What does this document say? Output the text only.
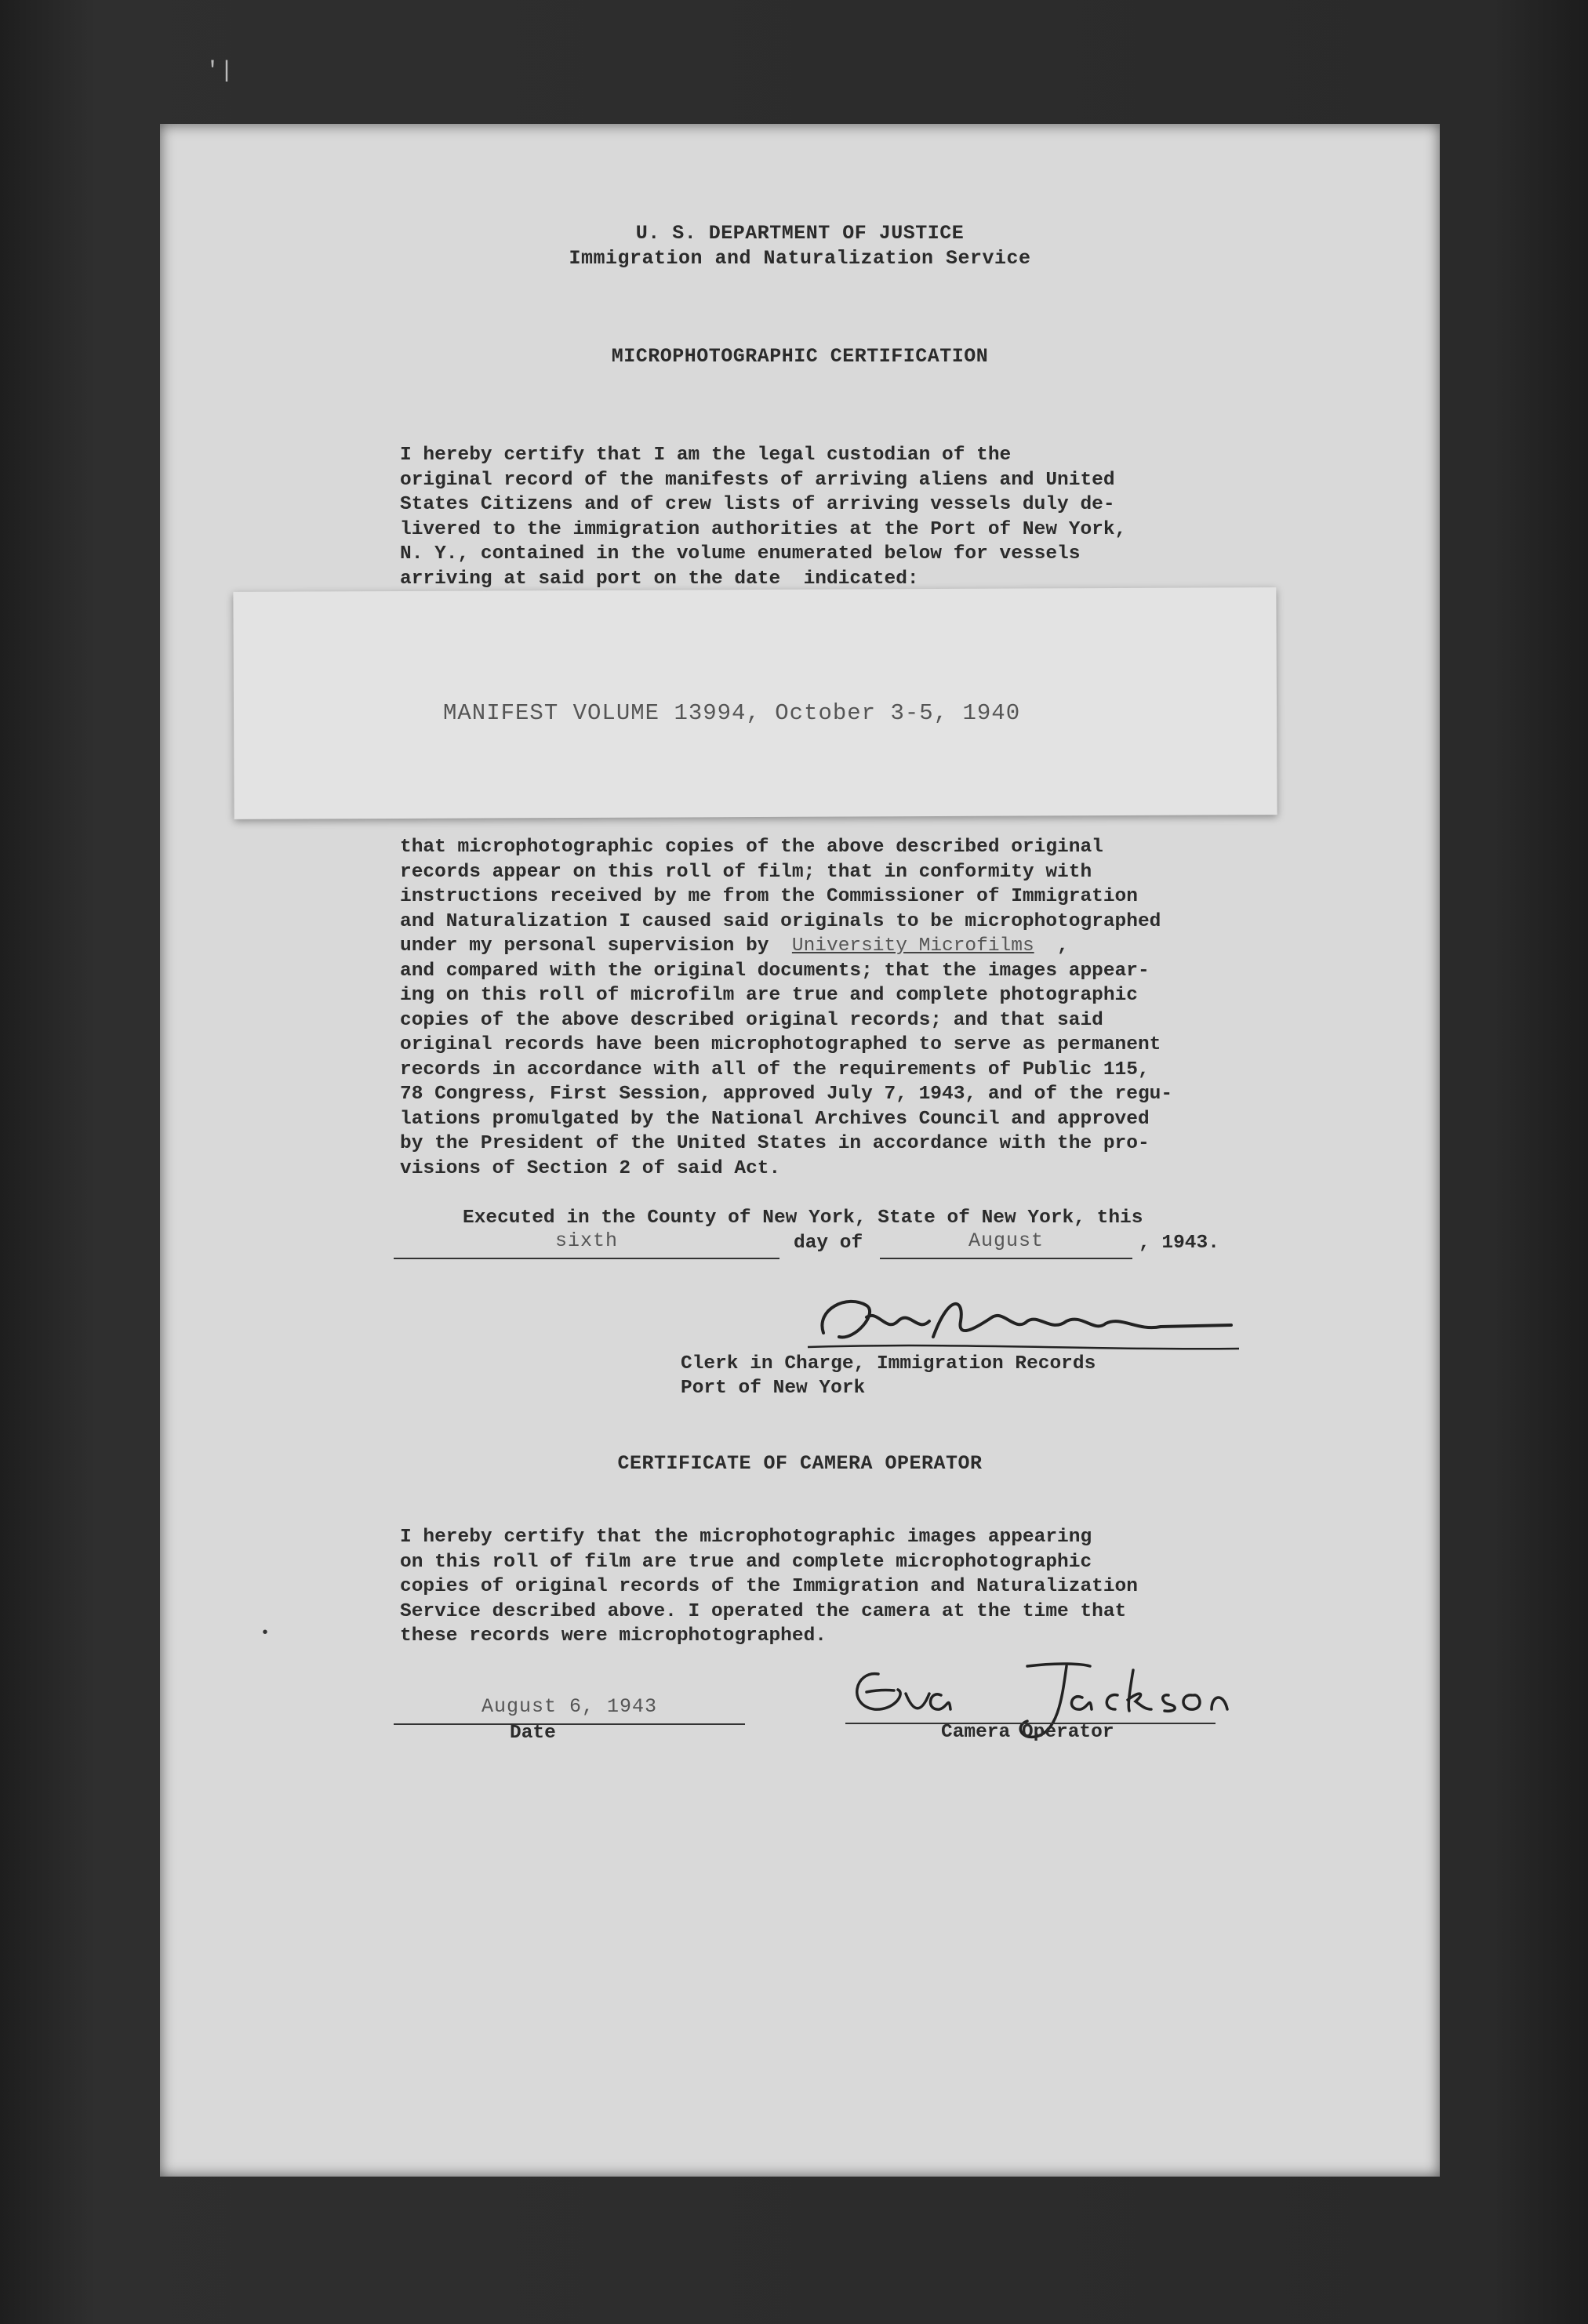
'|
U. S. DEPARTMENT OF JUSTICE
Immigration and Naturalization Service
MICROPHOTOGRAPHIC CERTIFICATION
I hereby certify that I am the legal custodian of the
original record of the manifests of arriving aliens and United
States Citizens and of crew lists of arriving vessels duly de-
livered to the immigration authorities at the Port of New York,
N. Y., contained in the volume enumerated below for vessels
arriving at said port on the date  indicated:
MANIFEST VOLUME 13994, October 3-5, 1940
that microphotographic copies of the above described original
records appear on this roll of film; that in conformity with
instructions received by me from the Commissioner of Immigration
and Naturalization I caused said originals to be microphotographed
under my personal supervision by  University Microfilms  ,
and compared with the original documents; that the images appear-
ing on this roll of microfilm are true and complete photographic
copies of the above described original records; and that said
original records have been microphotographed to serve as permanent
records in accordance with all of the requirements of Public 115,
78 Congress, First Session, approved July 7, 1943, and of the regu-
lations promulgated by the National Archives Council and approved
by the President of the United States in accordance with the pro-
visions of Section 2 of said Act.
Executed in the County of New York, State of New York, this
sixth	day of	August	, 1943.
Clerk in Charge, Immigration Records
Port of New York
CERTIFICATE OF CAMERA OPERATOR
I hereby certify that the microphotographic images appearing
on this roll of film are true and complete microphotographic
copies of original records of the Immigration and Naturalization
Service described above. I operated the camera at the time that
these records were microphotographed.
August 6, 1943
Date	Camera Operator
•
